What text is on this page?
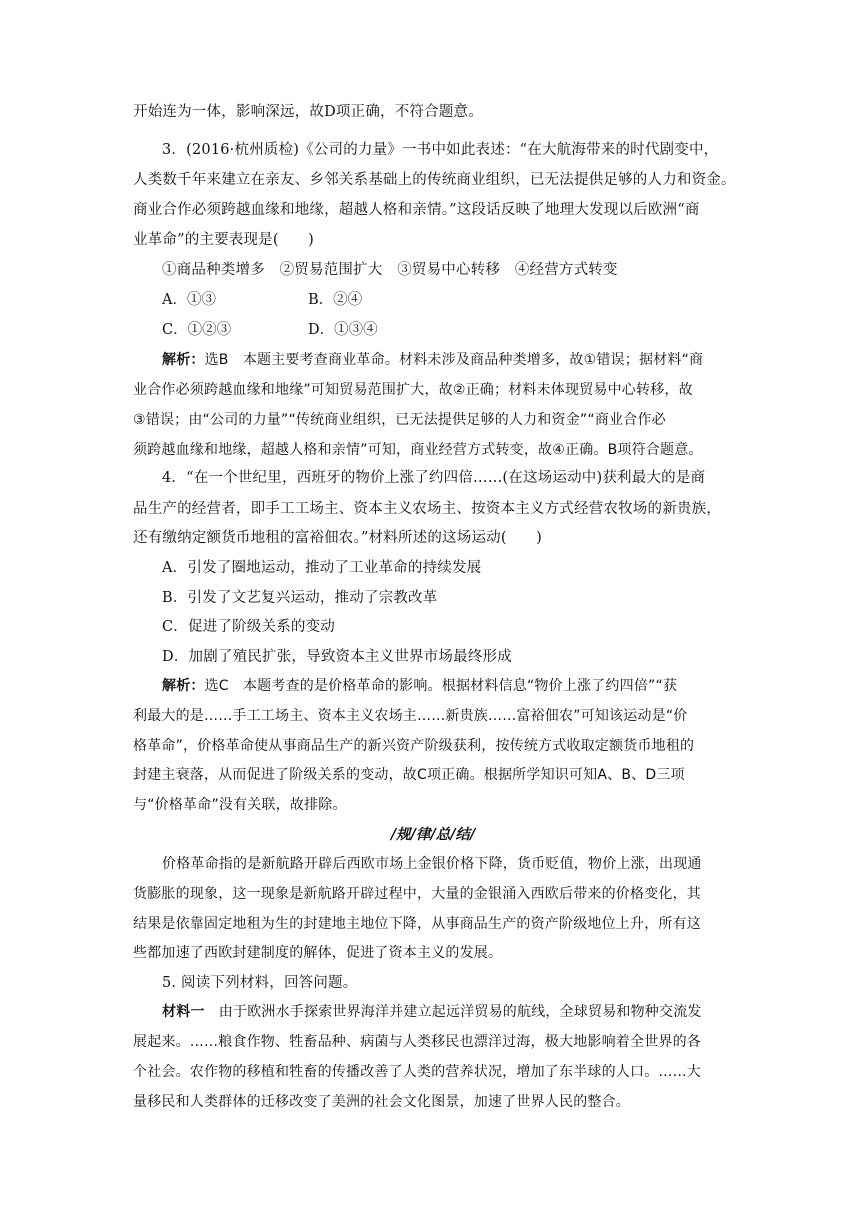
开始连为一体，影响深远，故D项正确，不符合题意。
3．(2016·杭州质检)《公司的力量》一书中如此表述：“在大航海带来的时代剧变中，
人类数千年来建立在亲友、乡邻关系基础上的传统商业组织，已无法提供足够的人力和资金。
商业合作必须跨越血缘和地缘，超越人格和亲情。”这段话反映了地理大发现以后欧洲“商
业革命”的主要表现是(　　)
①商品种类增多　②贸易范围扩大　③贸易中心转移　④经营方式转变
A．①③	B．②④
C．①②③	D．①③④
解析：选B　本题主要考查商业革命。材料未涉及商品种类增多，故①错误；据材料“商
业合作必须跨越血缘和地缘”可知贸易范围扩大，故②正确；材料未体现贸易中心转移，故
③错误；由“公司的力量”“传统商业组织，已无法提供足够的人力和资金”“商业合作必
须跨越血缘和地缘，超越人格和亲情”可知，商业经营方式转变，故④正确。B项符合题意。
4．“在一个世纪里，西班牙的物价上涨了约四倍……(在这场运动中)获利最大的是商
品生产的经营者，即手工工场主、资本主义农场主、按资本主义方式经营农牧场的新贵族，
还有缴纳定额货币地租的富裕佃农。”材料所述的这场运动(　　)
A．引发了圈地运动，推动了工业革命的持续发展
B．引发了文艺复兴运动，推动了宗教改革
C．促进了阶级关系的变动
D．加剧了殖民扩张，导致资本主义世界市场最终形成
解析：选C　本题考查的是价格革命的影响。根据材料信息“物价上涨了约四倍”“获
利最大的是……手工工场主、资本主义农场主……新贵族……富裕佃农”可知该运动是“价
格革命”，价格革命使从事商品生产的新兴资产阶级获利，按传统方式收取定额货币地租的
封建主衰落，从而促进了阶级关系的变动，故C项正确。根据所学知识可知A、B、D三项
与“价格革命”没有关联，故排除。
/规/律/总/结/
价格革命指的是新航路开辟后西欧市场上金银价格下降，货币贬值，物价上涨，出现通
货膨胀的现象，这一现象是新航路开辟过程中，大量的金银涌入西欧后带来的价格变化，其
结果是依靠固定地租为生的封建地主地位下降，从事商品生产的资产阶级地位上升，所有这
些都加速了西欧封建制度的解体，促进了资本主义的发展。
5. 阅读下列材料，回答问题。
材料一　由于欧洲水手探索世界海洋并建立起远洋贸易的航线，全球贸易和物种交流发
展起来。……粮食作物、牲畜品种、病菌与人类移民也漂洋过海，极大地影响着全世界的各
个社会。农作物的移植和牲畜的传播改善了人类的营养状况，增加了东半球的人口。……大
量移民和人类群体的迁移改变了美洲的社会文化图景，加速了世界人民的整合。
